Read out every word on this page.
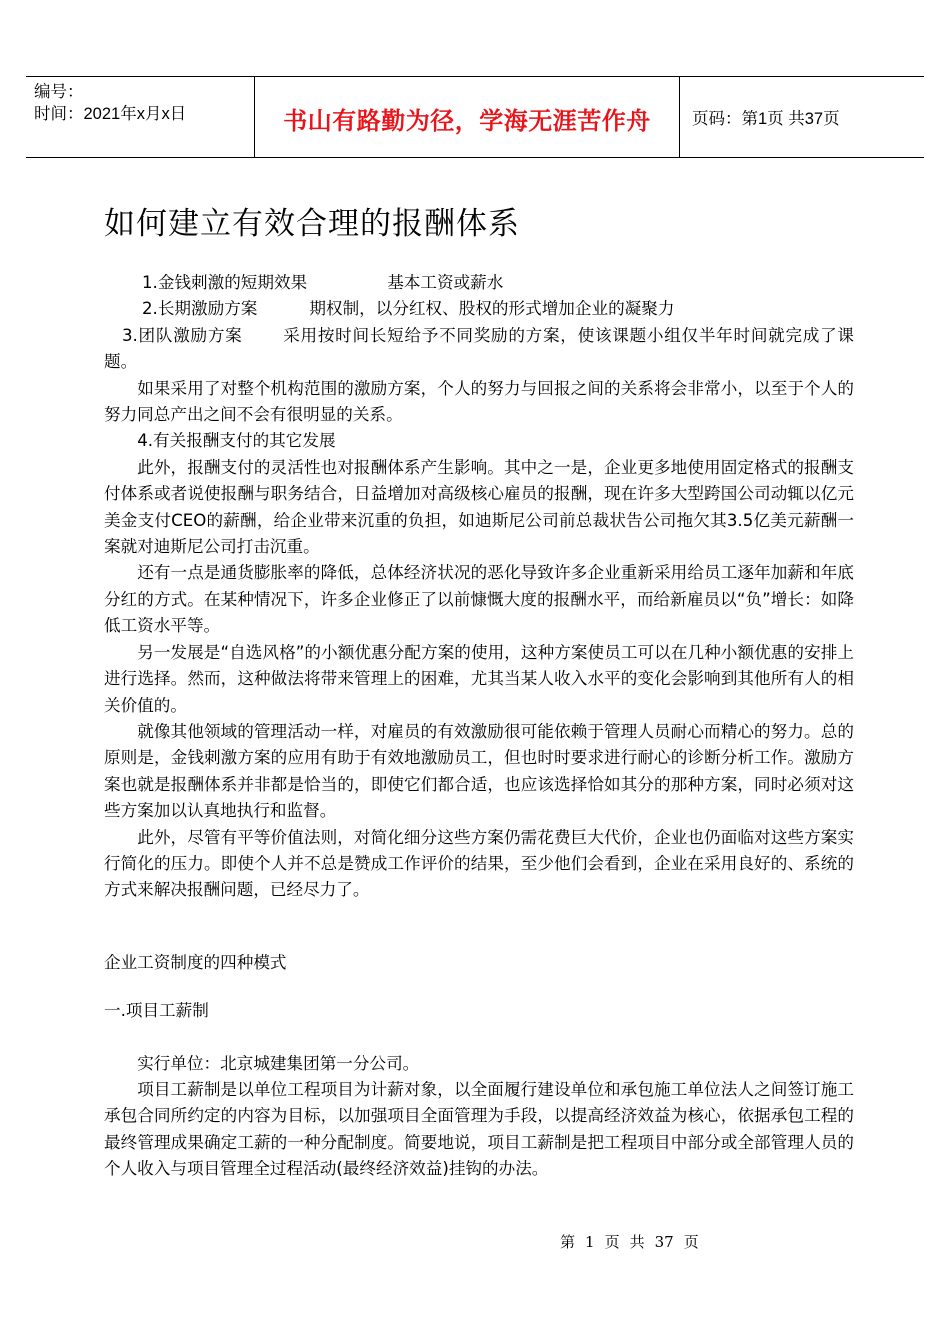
编号：
时间：2021年x月x日	书山有路勤为径，学海无涯苦作舟	页码：第1页 共37页
如何建立有效合理的报酬体系

1.金钱刺激的短期效果	基本工资或薪水

2.长期激励方案	期权制，以分红权、股权的形式增加企业的凝聚力

3.团队激励方案 采用按时间长短给予不同奖励的方案，使该课题小组仅半年时间就完成了课题。

如果采用了对整个机构范围的激励方案，个人的努力与回报之间的关系将会非常小，以至于个人的努力同总产出之间不会有很明显的关系。

4.有关报酬支付的其它发展

此外，报酬支付的灵活性也对报酬体系产生影响。其中之一是，企业更多地使用固定格式的报酬支付体系或者说使报酬与职务结合，日益增加对高级核心雇员的报酬，现在许多大型跨国公司动辄以亿元美金支付CEO的薪酬，给企业带来沉重的负担，如迪斯尼公司前总裁状告公司拖欠其3.5亿美元薪酬一案就对迪斯尼公司打击沉重。

还有一点是通货膨胀率的降低，总体经济状况的恶化导致许多企业重新采用给员工逐年加薪和年底分红的方式。在某种情况下，许多企业修正了以前慷慨大度的报酬水平，而给新雇员以“负”增长：如降低工资水平等。

另一发展是“自选风格”的小额优惠分配方案的使用，这种方案使员工可以在几种小额优惠的安排上进行选择。然而，这种做法将带来管理上的困难，尤其当某人收入水平的变化会影响到其他所有人的相关价值的。

就像其他领域的管理活动一样，对雇员的有效激励很可能依赖于管理人员耐心而精心的努力。总的原则是，金钱刺激方案的应用有助于有效地激励员工，但也时时要求进行耐心的诊断分析工作。激励方案也就是报酬体系并非都是恰当的，即使它们都合适，也应该选择恰如其分的那种方案，同时必须对这些方案加以认真地执行和监督。

此外，尽管有平等价值法则，对简化细分这些方案仍需花费巨大代价，企业也仍面临对这些方案实行简化的压力。即使个人并不总是赞成工作评价的结果，至少他们会看到，企业在采用良好的、系统的方式来解决报酬问题，已经尽力了。

企业工资制度的四种模式

一.项目工薪制

实行单位：北京城建集团第一分公司。

项目工薪制是以单位工程项目为计薪对象，以全面履行建设单位和承包施工单位法人之间签订施工承包合同所约定的内容为目标，以加强项目全面管理为手段，以提高经济效益为核心，依据承包工程的最终管理成果确定工薪的一种分配制度。简要地说，项目工薪制是把工程项目中部分或全部管理人员的个人收入与项目管理全过程活动(最终经济效益)挂钩的办法。

第 1 页 共 37 页
